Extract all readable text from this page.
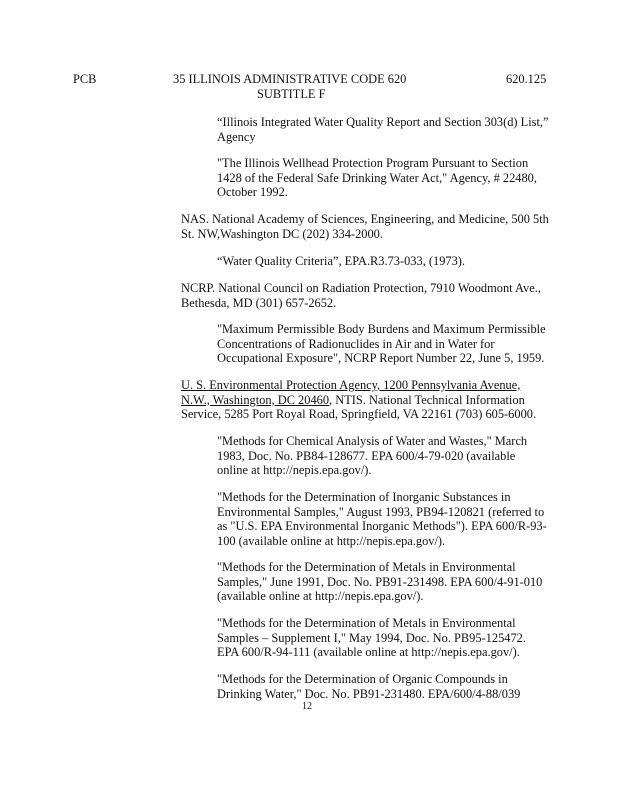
PCB	35 ILLINOIS ADMINISTRATIVE CODE 620
SUBTITLE F
620.125
“Illinois Integrated Water Quality Report and Section 303(d) List,”
Agency
"The Illinois Wellhead Protection Program Pursuant to Section
1428 of the Federal Safe Drinking Water Act," Agency, # 22480,
October 1992.
NAS. National Academy of Sciences, Engineering, and Medicine, 500 5th
St. NW,Washington DC (202) 334-2000.
“Water Quality Criteria”, EPA.R3.73-033, (1973).
NCRP. National Council on Radiation Protection, 7910 Woodmont Ave.,
Bethesda, MD (301) 657-2652.
"Maximum Permissible Body Burdens and Maximum Permissible
Concentrations of Radionuclides in Air and in Water for
Occupational Exposure", NCRP Report Number 22, June 5, 1959.
U. S. Environmental Protection Agency, 1200 Pennsylvania Avenue,
N.W., Washington, DC 20460, NTIS. National Technical Information
Service, 5285 Port Royal Road, Springfield, VA 22161 (703) 605-6000.
"Methods for Chemical Analysis of Water and Wastes," March
1983, Doc. No. PB84-128677. EPA 600/4-79-020 (available
online at http://nepis.epa.gov/).
"Methods for the Determination of Inorganic Substances in
Environmental Samples," August 1993, PB94-120821 (referred to
as "U.S. EPA Environmental Inorganic Methods"). EPA 600/R-93-
100 (available online at http://nepis.epa.gov/).
"Methods for the Determination of Metals in Environmental
Samples," June 1991, Doc. No. PB91-231498. EPA 600/4-91-010
(available online at http://nepis.epa.gov/).
"Methods for the Determination of Metals in Environmental
Samples – Supplement I," May 1994, Doc. No. PB95-125472.
EPA 600/R-94-111 (available online at http://nepis.epa.gov/).
"Methods for the Determination of Organic Compounds in
Drinking Water," Doc. No. PB91-231480. EPA/600/4-88/039
12
